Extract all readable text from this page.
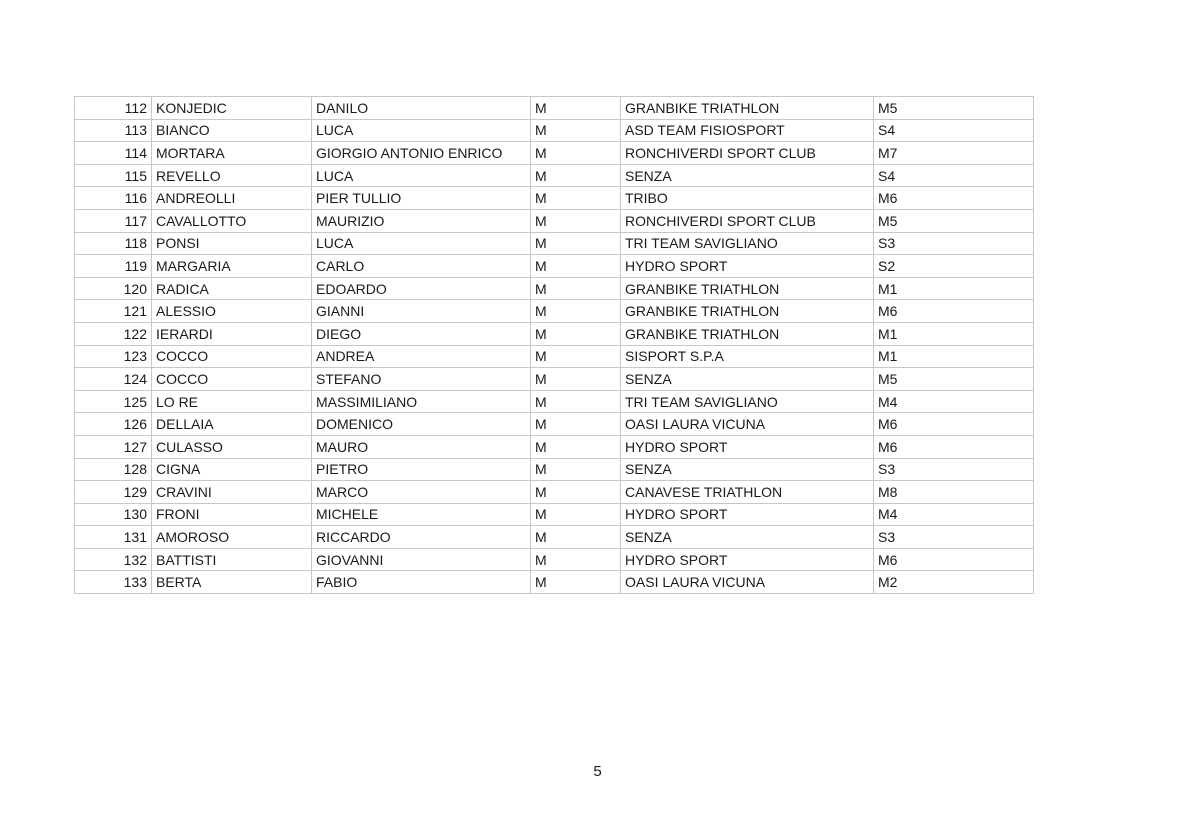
112	KONJEDIC	DANILO	M	GRANBIKE TRIATHLON	M5
113	BIANCO	LUCA	M	ASD TEAM FISIOSPORT	S4
114	MORTARA	GIORGIO ANTONIO ENRICO	M	RONCHIVERDI SPORT CLUB	M7
115	REVELLO	LUCA	M	SENZA	S4
116	ANDREOLLI	PIER TULLIO	M	TRIBO	M6
117	CAVALLOTTO	MAURIZIO	M	RONCHIVERDI SPORT CLUB	M5
118	PONSI	LUCA	M	TRI TEAM SAVIGLIANO	S3
119	MARGARIA	CARLO	M	HYDRO SPORT	S2
120	RADICA	EDOARDO	M	GRANBIKE TRIATHLON	M1
121	ALESSIO	GIANNI	M	GRANBIKE TRIATHLON	M6
122	IERARDI	DIEGO	M	GRANBIKE TRIATHLON	M1
123	COCCO	ANDREA	M	SISPORT S.P.A	M1
124	COCCO	STEFANO	M	SENZA	M5
125	LO RE	MASSIMILIANO	M	TRI TEAM SAVIGLIANO	M4
126	DELLAIA	DOMENICO	M	OASI LAURA VICUNA	M6
127	CULASSO	MAURO	M	HYDRO SPORT	M6
128	CIGNA	PIETRO	M	SENZA	S3
129	CRAVINI	MARCO	M	CANAVESE TRIATHLON	M8
130	FRONI	MICHELE	M	HYDRO SPORT	M4
131	AMOROSO	RICCARDO	M	SENZA	S3
132	BATTISTI	GIOVANNI	M	HYDRO SPORT	M6
133	BERTA	FABIO	M	OASI LAURA VICUNA	M2
5
